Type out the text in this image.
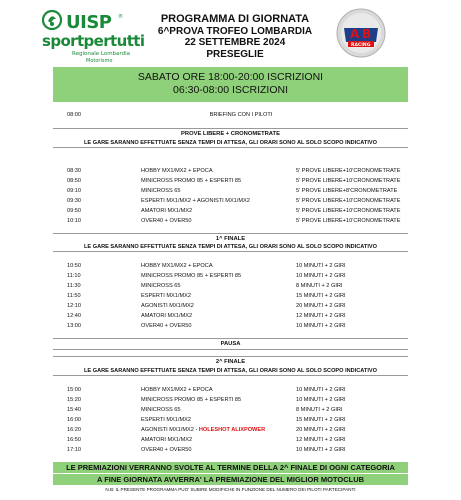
UISP ®
sportpertutti
Regionale Lombardia
Motorismo
PROGRAMMA DI GIORNATA
6^PROVA TROFEO LOMBARDIA
22 SETTEMBRE 2024
PRESEGLIE
A B
RACING
SABATO ORE 18:00-20:00 ISCRIZIONI
06:30-08:00 ISCRIZIONI
08:00	BRIEFING CON I PILOTI
PROVE LIBERE + CRONOMETRATE
LE GARE SARANNO EFFETTUATE SENZA TEMPI DI ATTESA, GLI ORARI SONO AL SOLO SCOPO INDICATIVO
08:30	HOBBY MX1/MX2 + EPOCA	5' PROVE LIBERE+10'CRONOMETRATE
08:50	MINICROSS PROMO 85 + ESPERTI 85	5' PROVE LIBERE+10'CRONOMETRATE
09:10	MINICROSS 65	5' PROVE LIBERE+8'CRONOMETRATE
09:30	ESPERTI MX1/MX2 + AGONISTI MX1/MX2	5' PROVE LIBERE+10'CRONOMETRATE
09:50	AMATORI MX1/MX2	5' PROVE LIBERE+10'CRONOMETRATE
10:10	OVER40 + OVER50	5' PROVE LIBERE+10'CRONOMETRATE
1^ FINALE
LE GARE SARANNO EFFETTUATE SENZA TEMPI DI ATTESA, GLI ORARI SONO AL SOLO SCOPO INDICATIVO
10:50	HOBBY MX1/MX2 + EPOCA	10 MINUTI + 2 GIRI
11:10	MINICROSS PROMO 85 + ESPERTI 85	10 MINUTI + 2 GIRI
11:30	MINICROSS 65	8 MINUTI + 2 GIRI
11:50	ESPERTI MX1/MX2	15 MINUTI + 2 GIRI
12:10	AGONISTI MX1/MX2	20 MINUTI + 2 GIRI
12:40	AMATORI MX1/MX2	12 MINUTI + 2 GIRI
13:00	OVER40 + OVER50	10 MINUTI + 2 GIRI
PAUSA
2^ FINALE
LE GARE SARANNO EFFETTUATE SENZA TEMPI DI ATTESA, GLI ORARI SONO AL SOLO SCOPO INDICATIVO
15:00	HOBBY MX1/MX2 + EPOCA	10 MINUTI + 2 GIRI
15:20	MINICROSS PROMO 85 + ESPERTI 85	10 MINUTI + 2 GIRI
15:40	MINICROSS 65	8 MINUTI + 2 GIRI
16:00	ESPERTI MX1/MX2	15 MINUTI + 2 GIRI
16:20	AGONISTI MX1/MX2 - HOLESHOT ALIXPOWER	20 MINUTI + 2 GIRI
16:50	AMATORI MX1/MX2	12 MINUTI + 2 GIRI
17:10	OVER40 + OVER50	10 MINUTI + 2 GIRI
LE PREMIAZIONI VERRANNO SVOLTE AL TERMINE DELLA 2^ FINALE DI OGNI CATEGORIA
A FINE GIORNATA AVVERRA' LA PREMIAZIONE DEL MIGLIOR MOTOCLUB
N.B: IL PRESENTE PROGRAMMA PUO' SUBIRE MODIFICHE IN FUNZIONE DEL NUMERO DEI PILOTI PARTECIPANTI
